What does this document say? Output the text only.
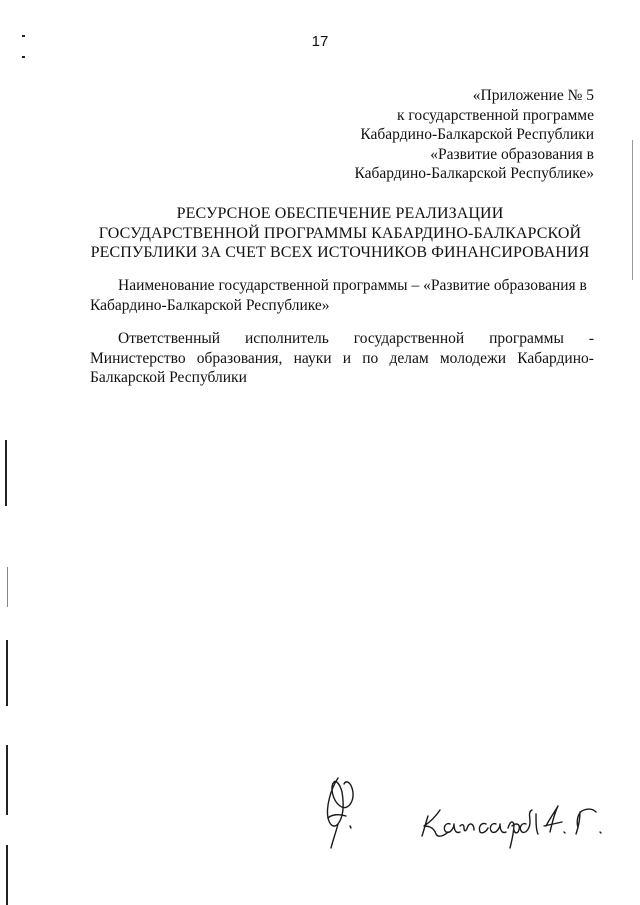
17
«Приложение № 5
к государственной программе
Кабардино-Балкарской Республики
«Развитие образования в
Кабардино-Балкарской Республике»
РЕСУРСНОЕ ОБЕСПЕЧЕНИЕ РЕАЛИЗАЦИИ
ГОСУДАРСТВЕННОЙ ПРОГРАММЫ КАБАРДИНО-БАЛКАРСКОЙ
РЕСПУБЛИКИ ЗА СЧЕТ ВСЕХ ИСТОЧНИКОВ ФИНАНСИРОВАНИЯ
Наименование государственной программы – «Развитие образования в
Кабардино-Балкарской Республике»
Ответственный исполнитель государственной программы -
Министерство образования, науки и по делам молодежи Кабардино-
Балкарской Республики
